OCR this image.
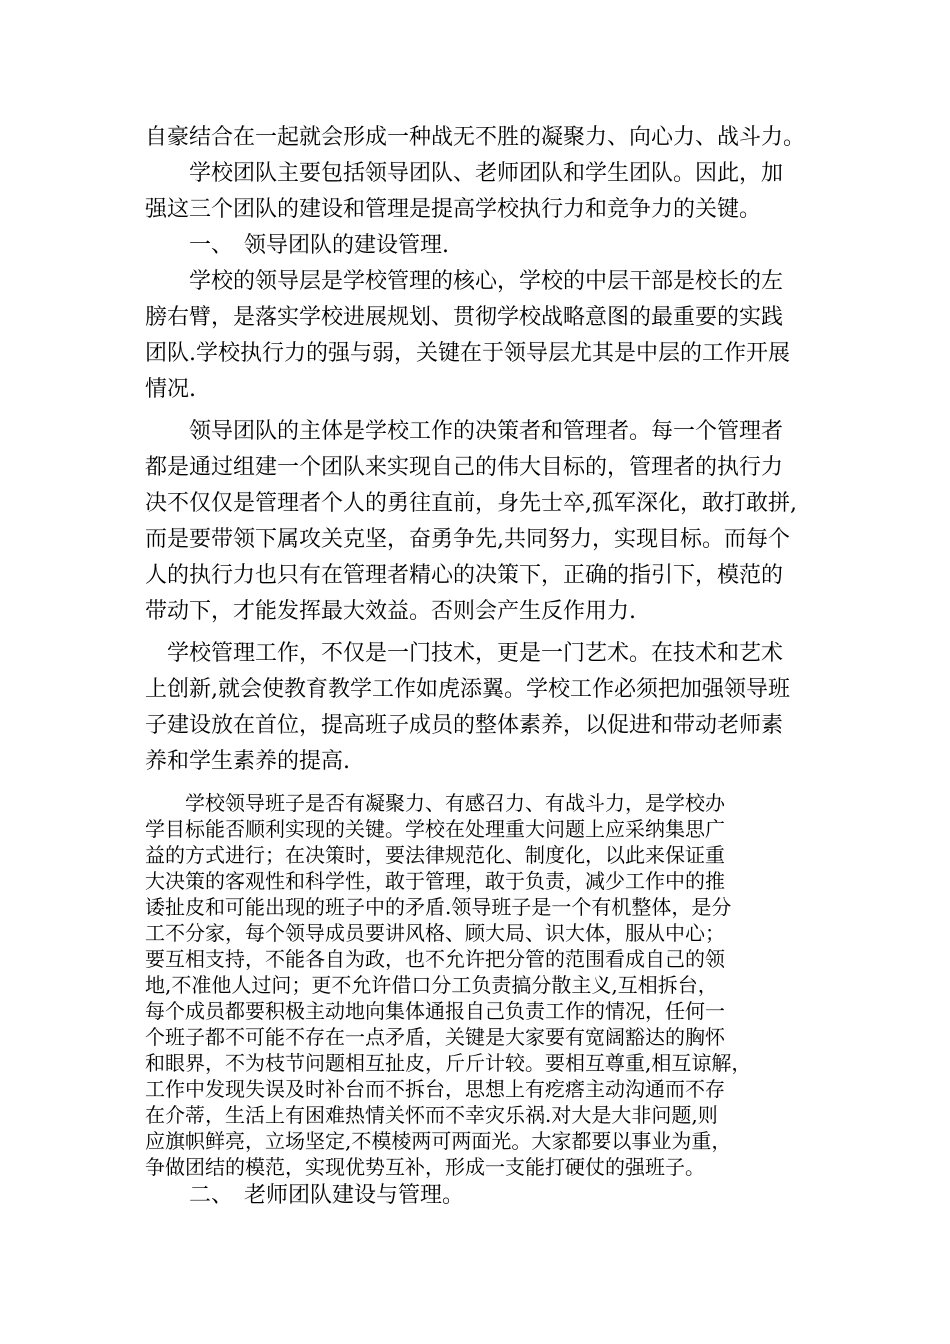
自豪结合在一起就会形成一种战无不胜的凝聚力、向心力、战斗力。
　　学校团队主要包括领导团队、老师团队和学生团队。因此，加
强这三个团队的建设和管理是提高学校执行力和竞争力的关键。
　　一、　领导团队的建设管理.
　　学校的领导层是学校管理的核心，学校的中层干部是校长的左
膀右臂，是落实学校进展规划、贯彻学校战略意图的最重要的实践
团队.学校执行力的强与弱，关键在于领导层尤其是中层的工作开展
情况.
　　领导团队的主体是学校工作的决策者和管理者。每一个管理者
都是通过组建一个团队来实现自己的伟大目标的，管理者的执行力
决不仅仅是管理者个人的勇往直前，身先士卒,孤军深化，敢打敢拼,
而是要带领下属攻关克坚，奋勇争先,共同努力，实现目标。而每个
人的执行力也只有在管理者精心的决策下，正确的指引下，模范的
带动下，才能发挥最大效益。否则会产生反作用力.
　学校管理工作，不仅是一门技术，更是一门艺术。在技术和艺术
上创新,就会使教育教学工作如虎添翼。学校工作必须把加强领导班
子建设放在首位，提高班子成员的整体素养，以促进和带动老师素
养和学生素养的提高.
　　学校领导班子是否有凝聚力、有感召力、有战斗力，是学校办
学目标能否顺利实现的关键。学校在处理重大问题上应采纳集思广
益的方式进行；在决策时，要法律规范化、制度化，以此来保证重
大决策的客观性和科学性，敢于管理，敢于负责，减少工作中的推
诿扯皮和可能出现的班子中的矛盾.领导班子是一个有机整体，是分
工不分家，每个领导成员要讲风格、顾大局、识大体，服从中心；
要互相支持，不能各自为政，也不允许把分管的范围看成自己的领
地,不准他人过问；更不允许借口分工负责搞分散主义,互相拆台，
每个成员都要积极主动地向集体通报自己负责工作的情况，任何一
个班子都不可能不存在一点矛盾，关键是大家要有宽阔豁达的胸怀
和眼界，不为枝节问题相互扯皮，斤斤计较。要相互尊重,相互谅解，
工作中发现失误及时补台而不拆台，思想上有疙瘩主动沟通而不存
在介蒂，生活上有困难热情关怀而不幸灾乐祸.对大是大非问题,则
应旗帜鲜亮，立场坚定,不模棱两可两面光。大家都要以事业为重，
争做团结的模范，实现优势互补，形成一支能打硬仗的强班子。
　　二、　老师团队建设与管理。
